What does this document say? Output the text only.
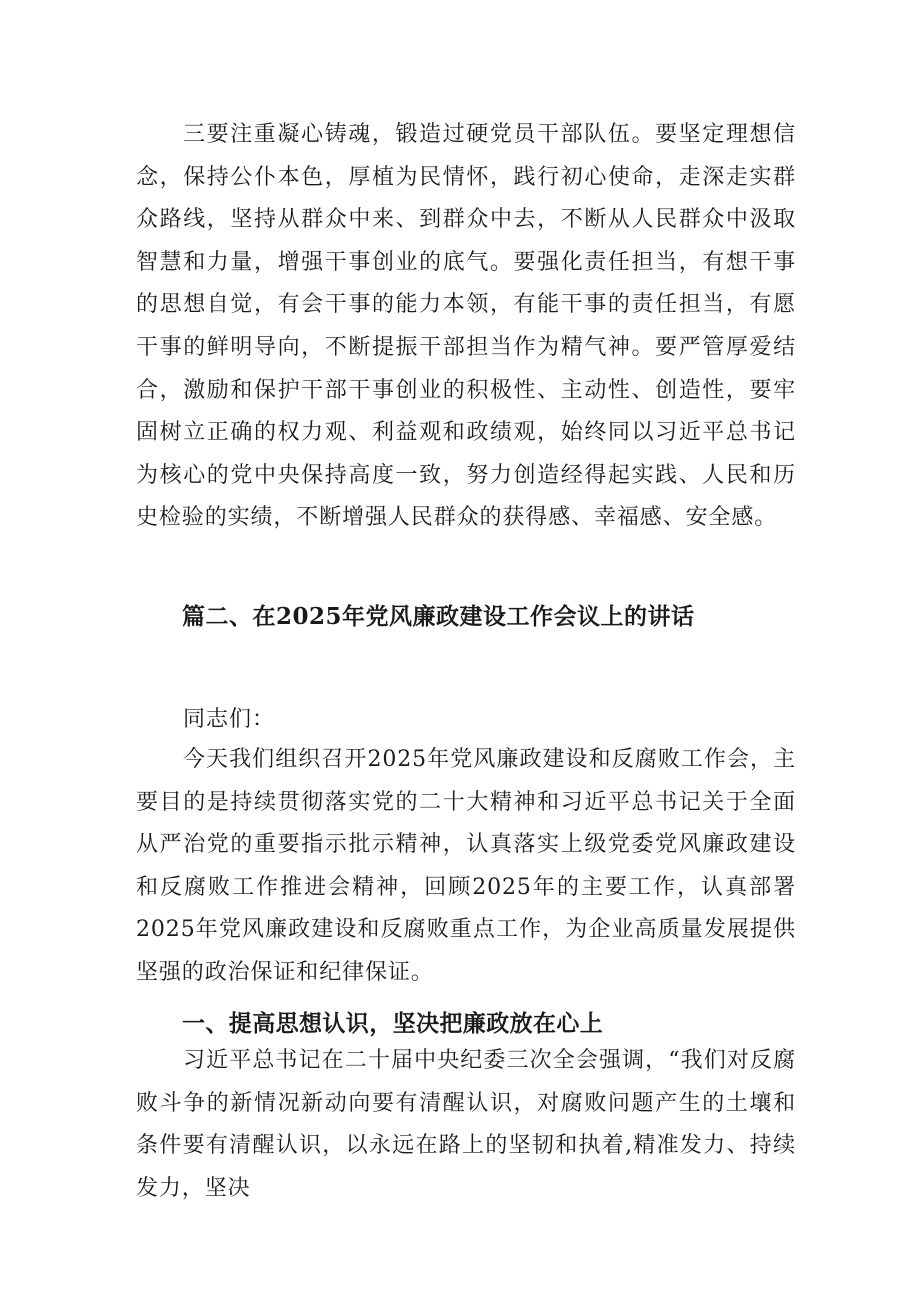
三要注重凝心铸魂，锻造过硬党员干部队伍。要坚定理想信念，保持公仆本色，厚植为民情怀，践行初心使命，走深走实群众路线，坚持从群众中来、到群众中去，不断从人民群众中汲取智慧和力量，增强干事创业的底气。要强化责任担当，有想干事的思想自觉，有会干事的能力本领，有能干事的责任担当，有愿干事的鲜明导向，不断提振干部担当作为精气神。要严管厚爱结合，激励和保护干部干事创业的积极性、主动性、创造性，要牢固树立正确的权力观、利益观和政绩观，始终同以习近平总书记为核心的党中央保持高度一致，努力创造经得起实践、人民和历史检验的实绩，不断增强人民群众的获得感、幸福感、安全感。

篇二、在2025年党风廉政建设工作会议上的讲话

同志们：

今天我们组织召开2025年党风廉政建设和反腐败工作会，主要目的是持续贯彻落实党的二十大精神和习近平总书记关于全面从严治党的重要指示批示精神，认真落实上级党委党风廉政建设和反腐败工作推进会精神，回顾2025年的主要工作，认真部署2025年党风廉政建设和反腐败重点工作，为企业高质量发展提供坚强的政治保证和纪律保证。

一、提高思想认识，坚决把廉政放在心上

习近平总书记在二十届中央纪委三次全会强调，“我们对反腐败斗争的新情况新动向要有清醒认识，对腐败问题产生的土壤和条件要有清醒认识，以永远在路上的坚韧和执着,精准发力、持续发力，坚决
